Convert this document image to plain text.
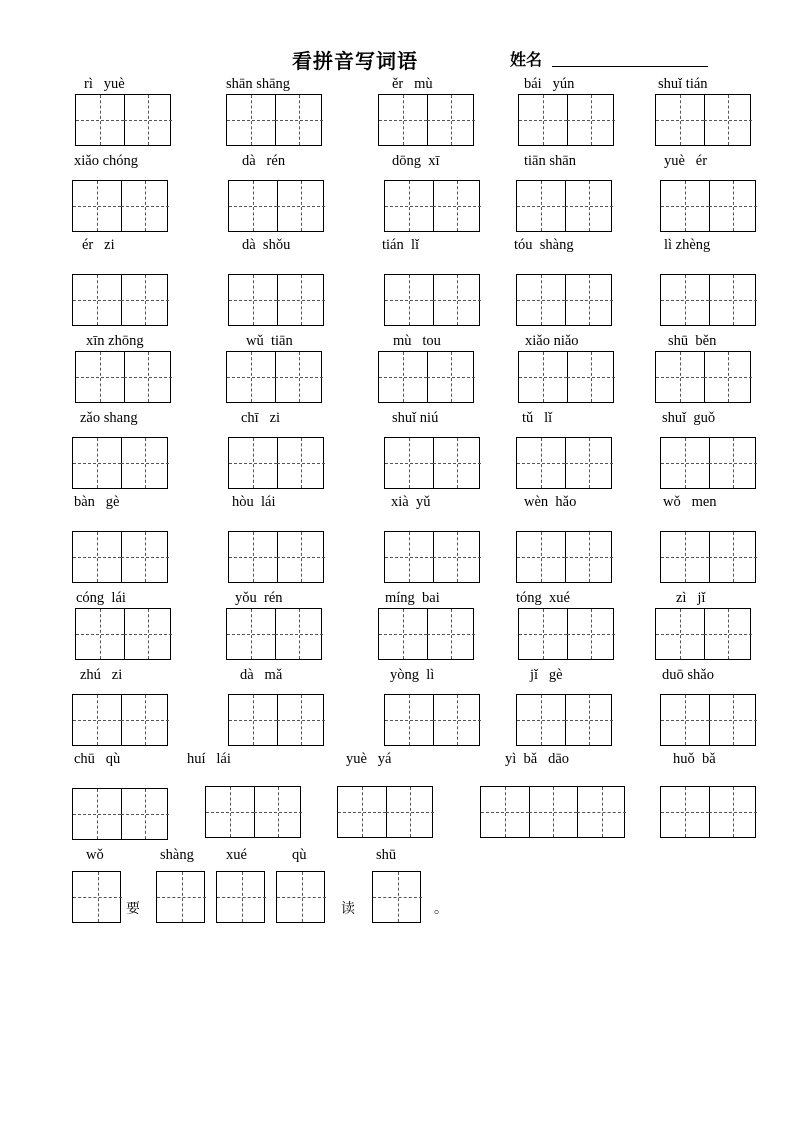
看拼音写词语	姓名
rì   yuè	shān shāng	ěr   mù	bái   yún	shuǐ tián
xiǎo chóng	dà   rén	dōng  xī	tiān shān	yuè   ér
ér   zi	dà  shǒu	tián  lǐ	tóu  shàng	lì zhèng
xīn zhōng	wǔ  tiān	mù   tou	xiǎo niǎo	shū  běn
zǎo shang	chī   zi	shuǐ niú	tǔ   lǐ	shuǐ  guǒ
bàn   gè	hòu  lái	xià  yǔ	wèn  hǎo	wǒ   men
cóng  lái	yǒu  rén	míng  bai	tóng  xué	zì   jǐ
zhú   zi	dà   mǎ	yòng  lì	jǐ   gè	duō shǎo
chū   qù	huí   lái	yuè   yá	yì  bǎ   dāo	huǒ  bǎ
wǒ	shàng xué	qù	shū
要	读	。
